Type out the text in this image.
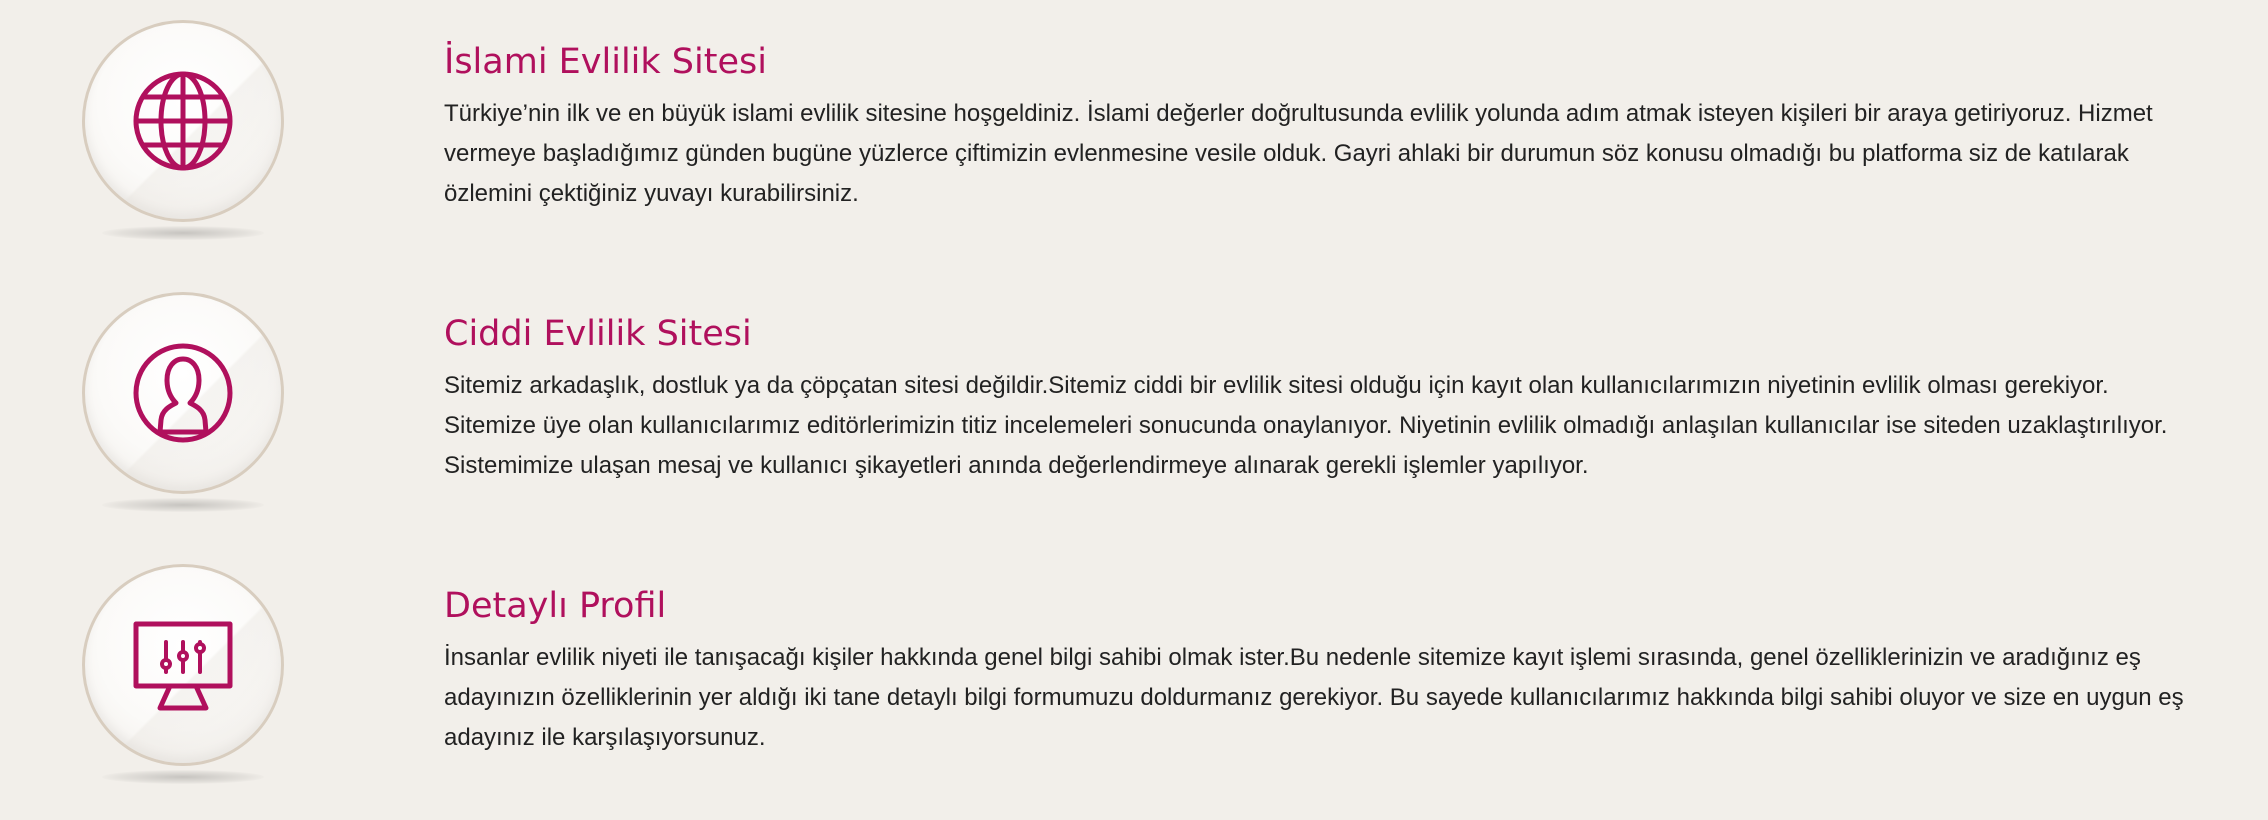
İslami Evlilik Sitesi

Türkiye’nin ilk ve en büyük islami evlilik sitesine hoşgeldiniz. İslami değerler doğrultusunda evlilik yolunda adım atmak isteyen kişileri bir araya getiriyoruz. Hizmet vermeye başladığımız günden bugüne yüzlerce çiftimizin evlenmesine vesile olduk. Gayri ahlaki bir durumun söz konusu olmadığı bu platforma siz de katılarak özlemini çektiğiniz yuvayı kurabilirsiniz.

Ciddi Evlilik Sitesi

Sitemiz arkadaşlık, dostluk ya da çöpçatan sitesi değildir.Sitemiz ciddi bir evlilik sitesi olduğu için kayıt olan kullanıcılarımızın niyetinin evlilik olması gerekiyor. Sitemize üye olan kullanıcılarımız editörlerimizin titiz incelemeleri sonucunda onaylanıyor. Niyetinin evlilik olmadığı anlaşılan kullanıcılar ise siteden uzaklaştırılıyor. Sistemimize ulaşan mesaj ve kullanıcı şikayetleri anında değerlendirmeye alınarak gerekli işlemler yapılıyor.

Detaylı Profil

İnsanlar evlilik niyeti ile tanışacağı kişiler hakkında genel bilgi sahibi olmak ister.Bu nedenle sitemize kayıt işlemi sırasında, genel özelliklerinizin ve aradığınız eş adayınızın özelliklerinin yer aldığı iki tane detaylı bilgi formumuzu doldurmanız gerekiyor. Bu sayede kullanıcılarımız hakkında bilgi sahibi oluyor ve size en uygun eş adayınız ile karşılaşıyorsunuz.
